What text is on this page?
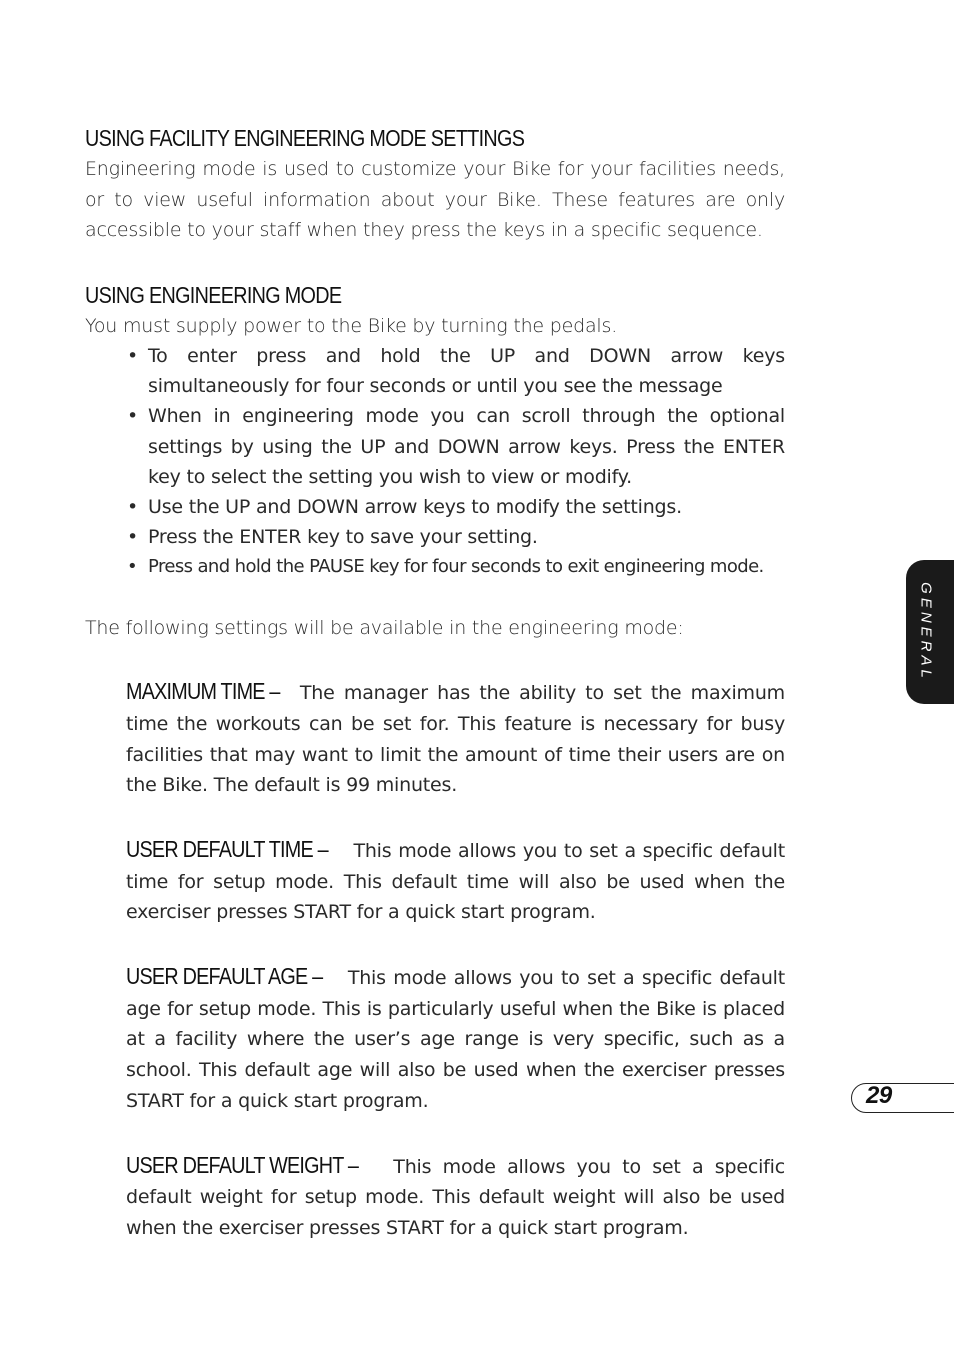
USING FACILITY ENGINEERING MODE SETTINGS

Engineering mode is used to customize your Bike for your facilities needs, or to view useful information about your Bike. These features are only accessible to your staff when they press the keys in a specific sequence.

USING ENGINEERING MODE

You must supply power to the Bike by turning the pedals.

• To enter press and hold the UP and DOWN arrow keys simultaneously for four seconds or until you see the message
• When in engineering mode you can scroll through the optional settings by using the UP and DOWN arrow keys. Press the ENTER key to select the setting you wish to view or modify.
• Use the UP and DOWN arrow keys to modify the settings.
• Press the ENTER key to save your setting.
• Press and hold the PAUSE key for four seconds to exit engineering mode.

The following settings will be available in the engineering mode:

MAXIMUM TIME – The manager has the ability to set the maximum time the workouts can be set for. This feature is necessary for busy facilities that may want to limit the amount of time their users are on the Bike. The default is 99 minutes.

USER DEFAULT TIME – This mode allows you to set a specific default time for setup mode. This default time will also be used when the exerciser presses START for a quick start program.

USER DEFAULT AGE – This mode allows you to set a specific default age for setup mode. This is particularly useful when the Bike is placed at a facility where the user’s age range is very specific, such as a school. This default age will also be used when the exerciser presses START for a quick start program.

USER DEFAULT WEIGHT – This mode allows you to set a specific default weight for setup mode. This default weight will also be used when the exerciser presses START for a quick start program.

GENERAL
29
